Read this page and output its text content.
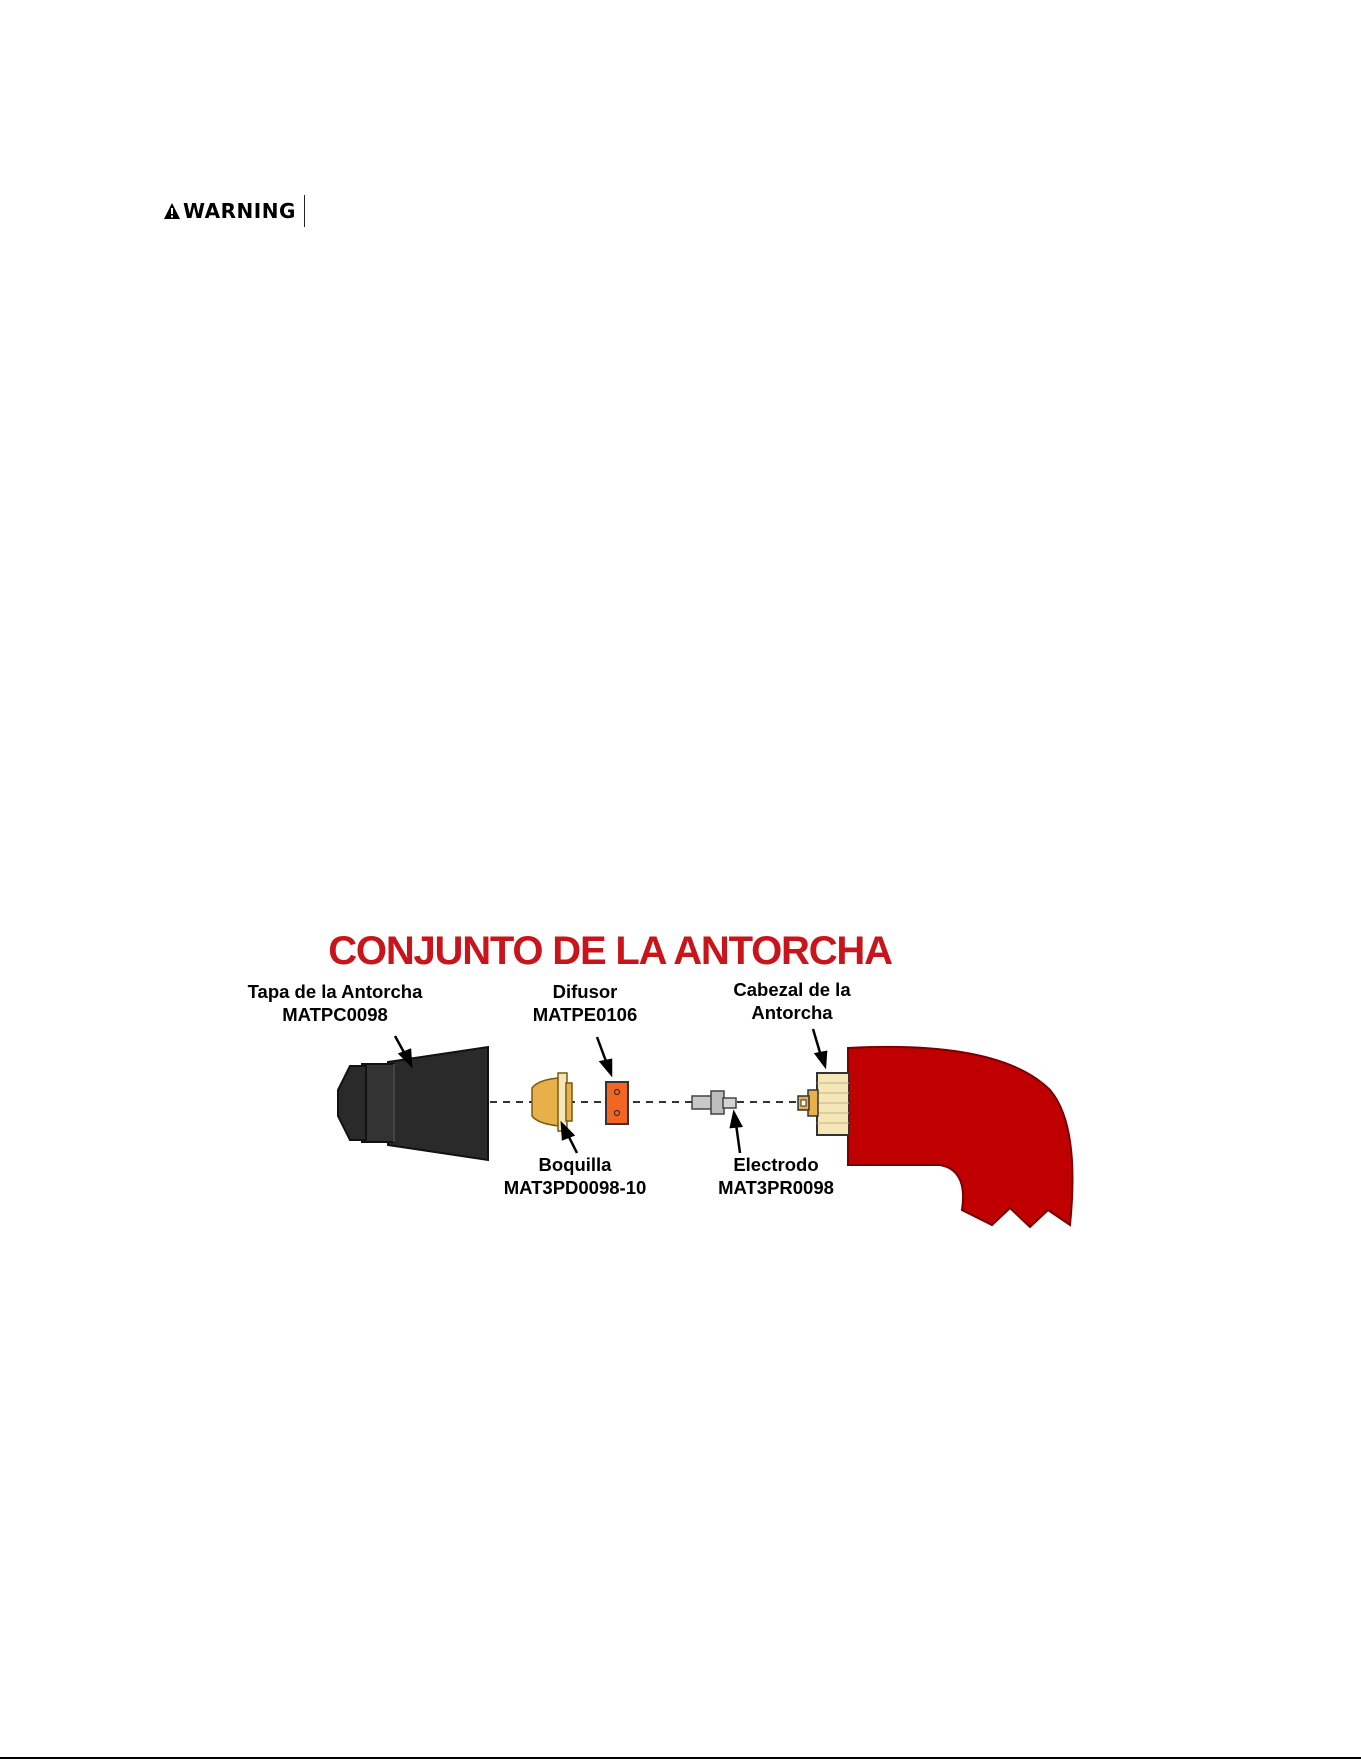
WARNING
CONJUNTO DE LA ANTORCHA
Tapa de la Antorcha
MATPC0098
Difusor
MATPE0106
Cabezal de la
Antorcha
Boquilla
MAT3PD0098-10
Electrodo
MAT3PR0098
